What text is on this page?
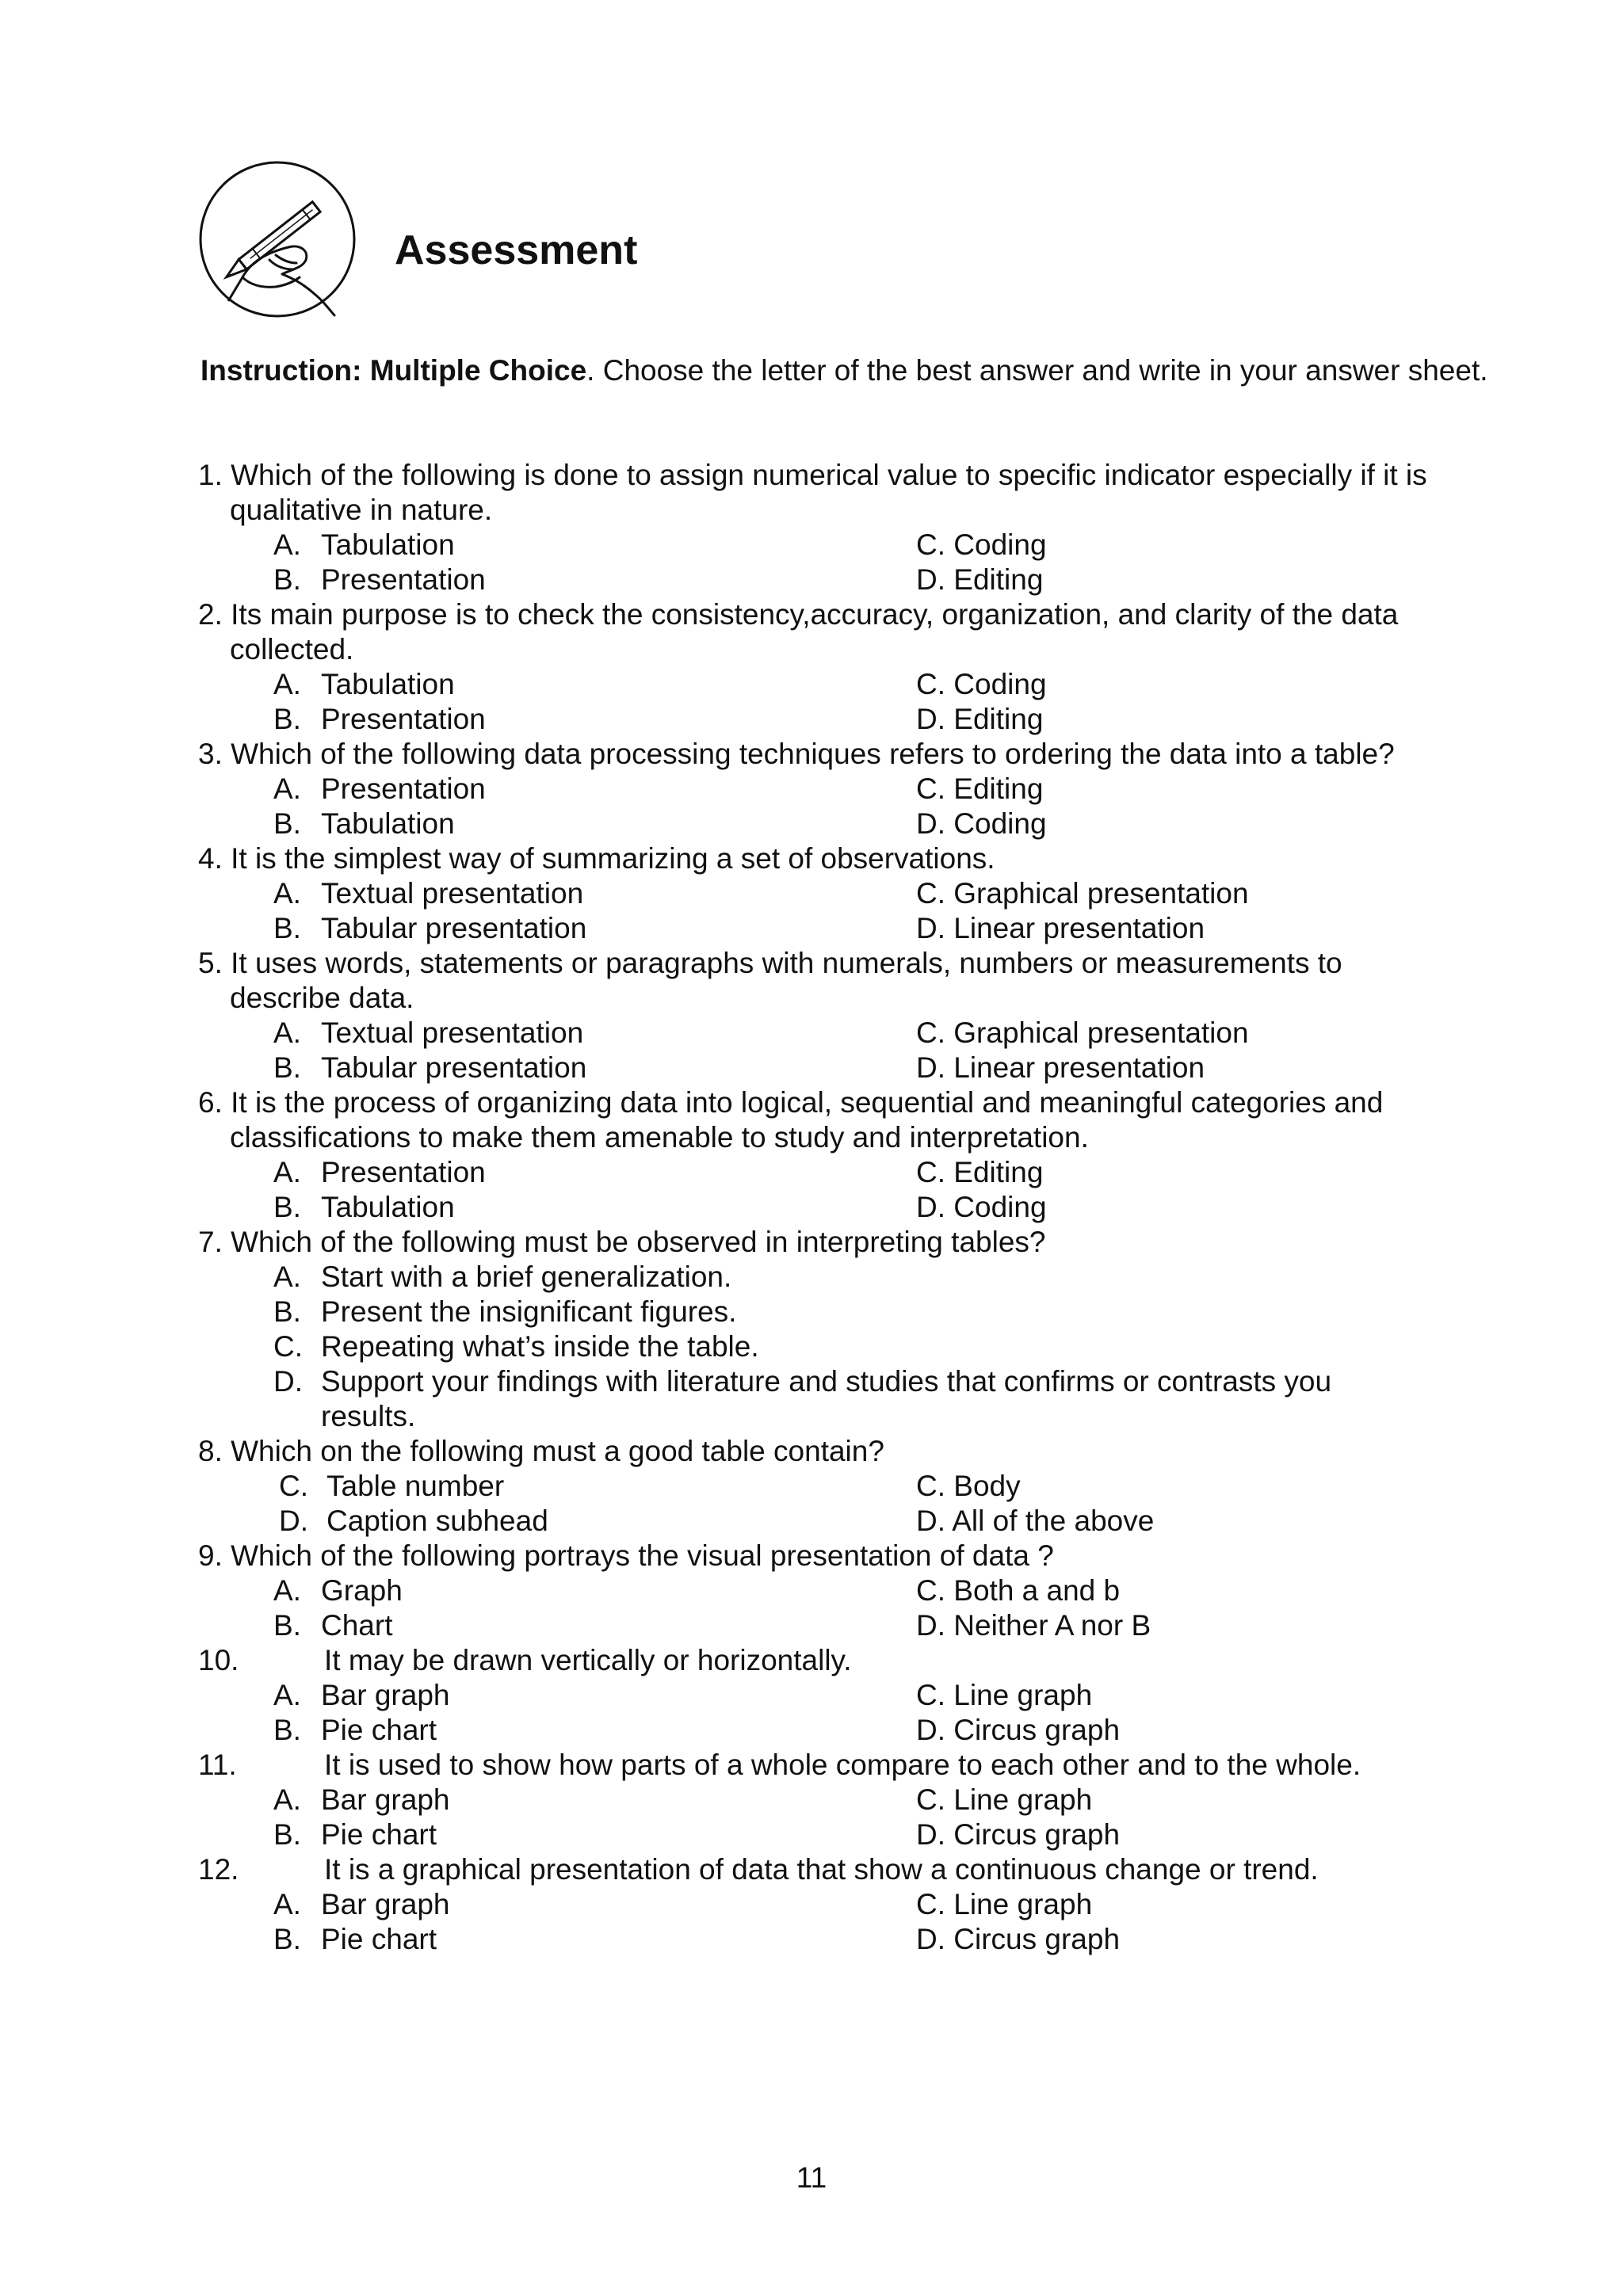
Assessment
Instruction: Multiple Choice. Choose the letter of the best answer and write in your answer sheet.
1. Which of the following is done to assign numerical value to specific indicator especially if it is
qualitative in nature.
A. Tabulation	C. Coding
B. Presentation	D. Editing
2. Its main purpose is to check the consistency,accuracy, organization, and clarity of the data
collected.
A. Tabulation	C. Coding
B. Presentation	D. Editing
3. Which of the following data processing techniques refers to ordering the data into a table?
A. Presentation	C. Editing
B. Tabulation	D. Coding
4. It is the simplest way of summarizing a set of observations.
A. Textual presentation	C. Graphical presentation
B. Tabular presentation	D. Linear presentation
5. It uses words, statements or paragraphs with numerals, numbers or measurements to
describe data.
A. Textual presentation	C. Graphical presentation
B. Tabular presentation	D. Linear presentation
6. It is the process of organizing data into logical, sequential and meaningful categories and
classifications to make them amenable to study and interpretation.
A. Presentation	C. Editing
B. Tabulation	D. Coding
7. Which of the following must be observed in interpreting tables?
A. Start with a brief generalization.
B. Present the insignificant figures.
C. Repeating what’s inside the table.
D. Support your findings with literature and studies that confirms or contrasts you
results.
8. Which on the following must a good table contain?
C. Table number	C. Body
D. Caption subhead	D. All of the above
9. Which of the following portrays the visual presentation of data ?
A. Graph	C. Both a and b
B. Chart	D. Neither A nor B
10.	It may be drawn vertically or horizontally.
A. Bar graph	C. Line graph
B. Pie chart	D. Circus graph
11.	It is used to show how parts of a whole compare to each other and to the whole.
A. Bar graph	C. Line graph
B. Pie chart	D. Circus graph
12.	It is a graphical presentation of data that show a continuous change or trend.
A. Bar graph	C. Line graph
B. Pie chart	D. Circus graph
11
